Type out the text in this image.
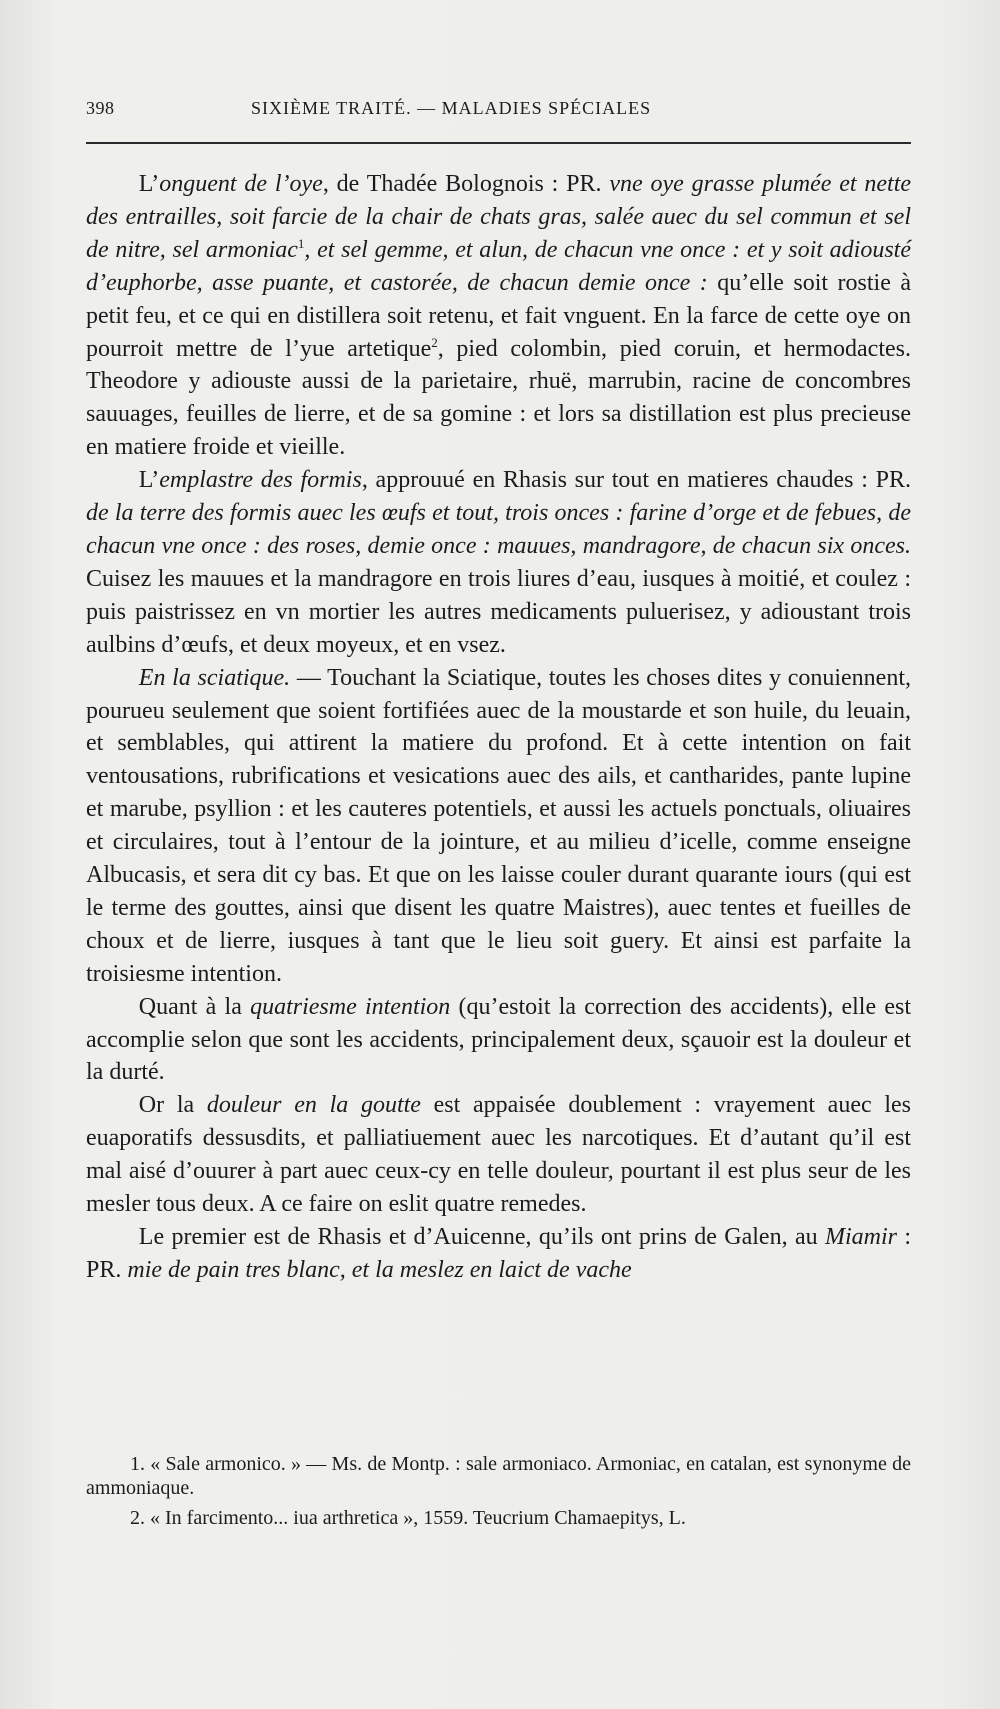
398	SIXIÈME TRAITÉ. — MALADIES SPÉCIALES

L’onguent de l’oye, de Thadée Bolognois : PR. vne oye grasse plumée et nette des entrailles, soit farcie de la chair de chats gras, salée auec du sel commun et sel de nitre, sel armoniac$^1$, et sel gemme, et alun, de chacun vne once : et y soit adiousté d’euphorbe, asse puante, et castorée, de chacun demie once : qu’elle soit rostie à petit feu, et ce qui en distillera soit retenu, et fait vnguent. En la farce de cette oye on pourroit mettre de l’yue artetique$^2$, pied colombin, pied coruin, et hermodactes. Theodore y adiouste aussi de la parietaire, rhuë, marrubin, racine de concombres sauuages, feuilles de lierre, et de sa gomine : et lors sa distillation est plus precieuse en matiere froide et vieille.

L’emplastre des formis, approuué en Rhasis sur tout en matieres chaudes : PR. de la terre des formis auec les œufs et tout, trois onces : farine d’orge et de febues, de chacun vne once : des roses, demie once : mauues, mandragore, de chacun six onces. Cuisez les mauues et la mandragore en trois liures d’eau, iusques à moitié, et coulez : puis paistrissez en vn mortier les autres medicaments puluerisez, y adioustant trois aulbins d’œufs, et deux moyeux, et en vsez.

En la sciatique. — Touchant la Sciatique, toutes les choses dites y conuiennent, pourueu seulement que soient fortifiées auec de la moustarde et son huile, du leuain, et semblables, qui attirent la matiere du profond. Et à cette intention on fait ventousations, rubrifications et vesications auec des ails, et cantharides, pante lupine et marube, psyllion : et les cauteres potentiels, et aussi les actuels ponctuals, oliuaires et circulaires, tout à l’entour de la jointure, et au milieu d’icelle, comme enseigne Albucasis, et sera dit cy bas. Et que on les laisse couler durant quarante iours (qui est le terme des gouttes, ainsi que disent les quatre Maistres), auec tentes et fueilles de choux et de lierre, iusques à tant que le lieu soit guery. Et ainsi est parfaite la troisiesme intention.

Quant à la quatriesme intention (qu’estoit la correction des accidents), elle est accomplie selon que sont les accidents, principalement deux, sçauoir est la douleur et la durté.

Or la douleur en la goutte est appaisée doublement : vrayement auec les euaporatifs dessusdits, et palliatiuement auec les narcotiques. Et d’autant qu’il est mal aisé d’ouurer à part auec ceux-cy en telle douleur, pourtant il est plus seur de les mesler tous deux. A ce faire on eslit quatre remedes.

Le premier est de Rhasis et d’Auicenne, qu’ils ont prins de Galen, au Miamir : PR. mie de pain tres blanc, et la meslez en laict de vache

1. « Sale armonico. » — Ms. de Montp. : sale armoniaco. Armoniac, en catalan, est synonyme de ammoniaque.

2. « In farcimento... iua arthretica », 1559. Teucrium Chamaepitys, L.
